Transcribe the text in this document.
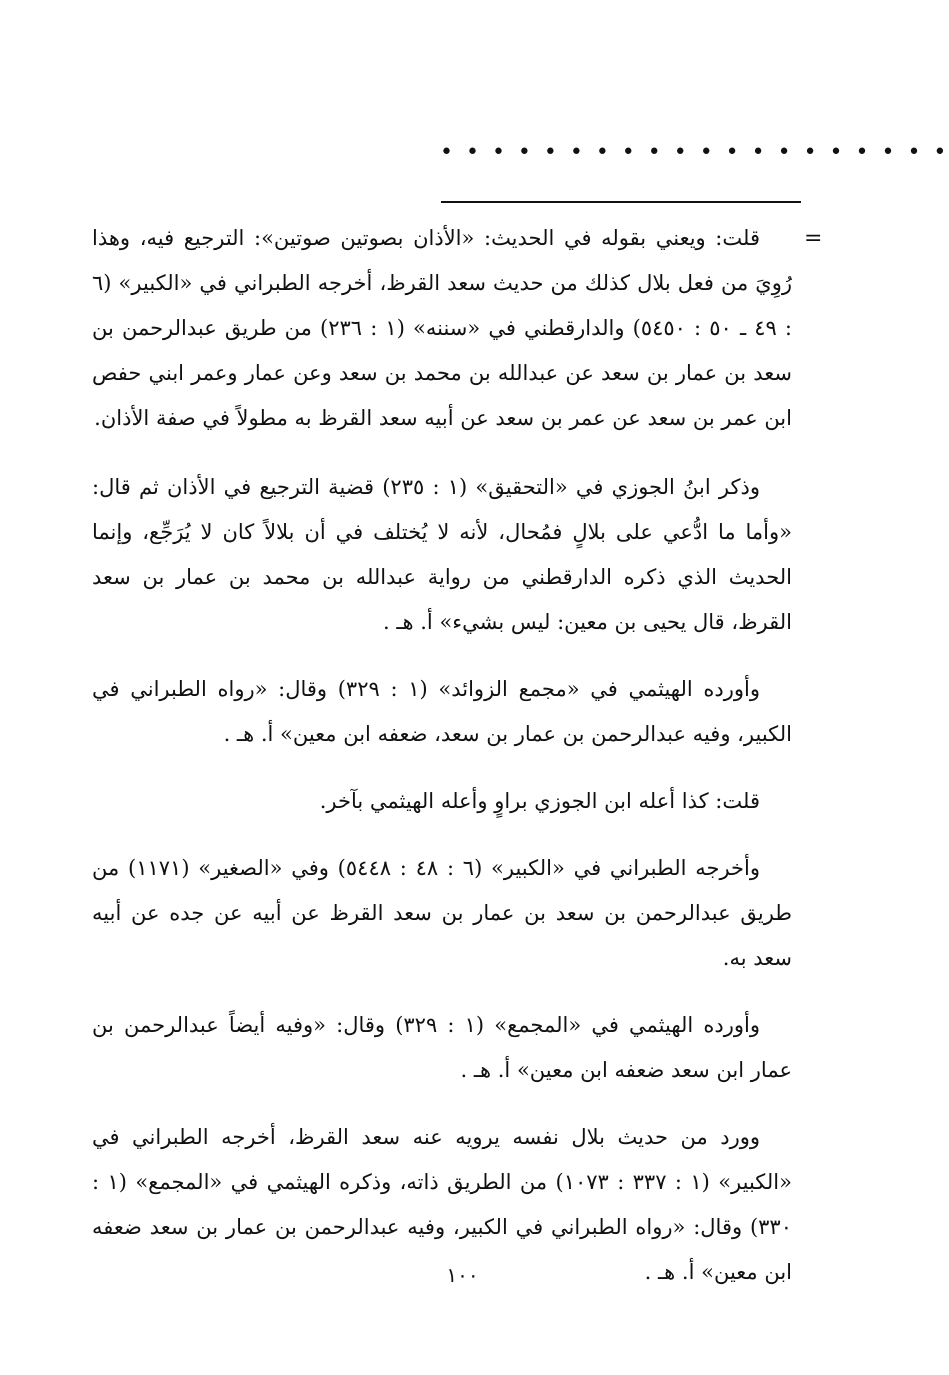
• • • • • • • • • • • • • • • • • • • •
=

قلت: ويعني بقوله في الحديث: «الأذان بصوتين صوتين»: الترجيع فيه، وهذا رُوِيَ من فعل بلال كذلك من حديث سعد القرظ، أخرجه الطبراني في «الكبير» (٦ : ٤٩ ـ ٥٠ : ٥٤٥٠) والدارقطني في «سننه» (١ : ٢٣٦) من طريق عبدالرحمن بن سعد بن عمار بن سعد عن عبدالله بن محمد بن سعد وعن عمار وعمر ابني حفص ابن عمر بن سعد عن عمر بن سعد عن أبيه سعد القرظ به مطولاً في صفة الأذان.

وذكر ابنُ الجوزي في «التحقيق» (١ : ٢٣٥) قضية الترجيع في الأذان ثم قال: «وأما ما ادُّعي على بلالٍ فمُحال، لأنه لا يُختلف في أن بلالاً كان لا يُرَجِّع، وإنما الحديث الذي ذكره الدارقطني من رواية عبدالله بن محمد بن عمار بن سعد القرظ، قال يحيى بن معين: ليس بشيء» أ. هـ .

وأورده الهيثمي في «مجمع الزوائد» (١ : ٣٢٩) وقال: «رواه الطبراني في الكبير، وفيه عبدالرحمن بن عمار بن سعد، ضعفه ابن معين» أ. هـ .

قلت: كذا أعله ابن الجوزي براوٍ وأعله الهيثمي بآخر.

وأخرجه الطبراني في «الكبير» (٦ : ٤٨ : ٥٤٤٨) وفي «الصغير» (١١٧١) من طريق عبدالرحمن بن سعد بن عمار بن سعد القرظ عن أبيه عن جده عن أبيه سعد به.

وأورده الهيثمي في «المجمع» (١ : ٣٢٩) وقال: «وفيه أيضاً عبدالرحمن بن عمار ابن سعد ضعفه ابن معين» أ. هـ .

وورد من حديث بلال نفسه يرويه عنه سعد القرظ، أخرجه الطبراني في «الكبير» (١ : ٣٣٧ : ١٠٧٣) من الطريق ذاته، وذكره الهيثمي في «المجمع» (١ : ٣٣٠) وقال: «رواه الطبراني في الكبير، وفيه عبدالرحمن بن عمار بن سعد ضعفه ابن معين» أ. هـ .

١٠٠
